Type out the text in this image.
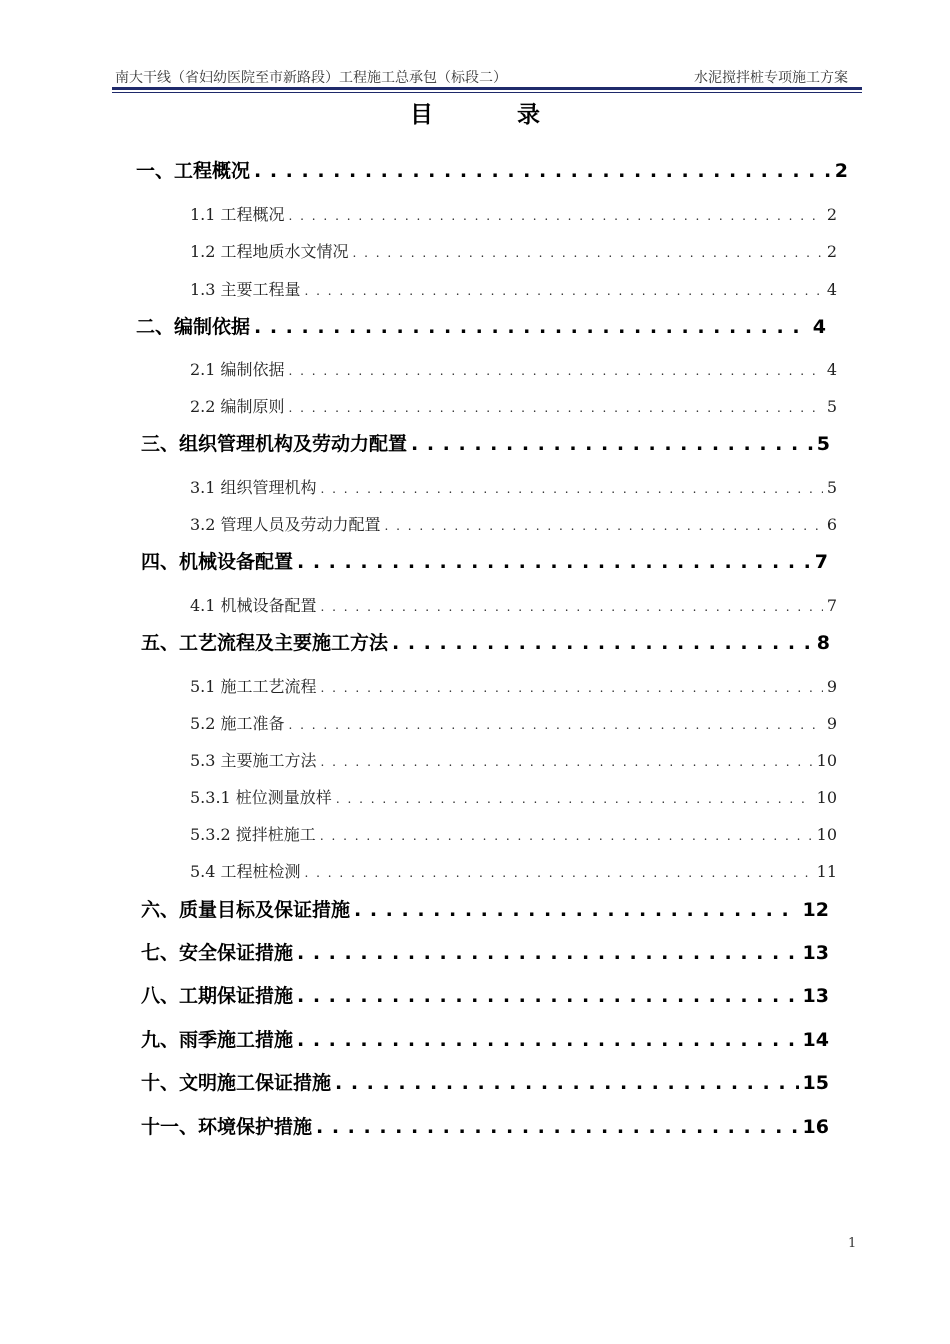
南大干线（省妇幼医院至市新路段）工程施工总承包（标段二）	水泥搅拌桩专项施工方案
目 录
一、工程概况 . . .	2
1.1 工程概况 . . .	2
1.2 工程地质水文情况 . . .	2
1.3 主要工程量 . . .	4
二、编制依据 . . .	4
2.1 编制依据 . . .	4
2.2 编制原则 . . .	5
三、组织管理机构及劳动力配置 . . .	5
3.1 组织管理机构 . . .	5
3.2 管理人员及劳动力配置 . . .	6
四、机械设备配置 . . .	7
4.1 机械设备配置 . . .	7
五、工艺流程及主要施工方法 . . .	8
5.1 施工工艺流程 . . .	9
5.2 施工准备 . . .	9
5.3 主要施工方法 . . .	10
5.3.1 桩位测量放样 . . .	10
5.3.2 搅拌桩施工 . . .	10
5.4 工程桩检测 . . .	11
六、质量目标及保证措施 . . .	12
七、安全保证措施 . . .	13
八、工期保证措施 . . .	13
九、雨季施工措施 . . .	14
十、文明施工保证措施 . . .	15
十一、环境保护措施 . . .	16
1
